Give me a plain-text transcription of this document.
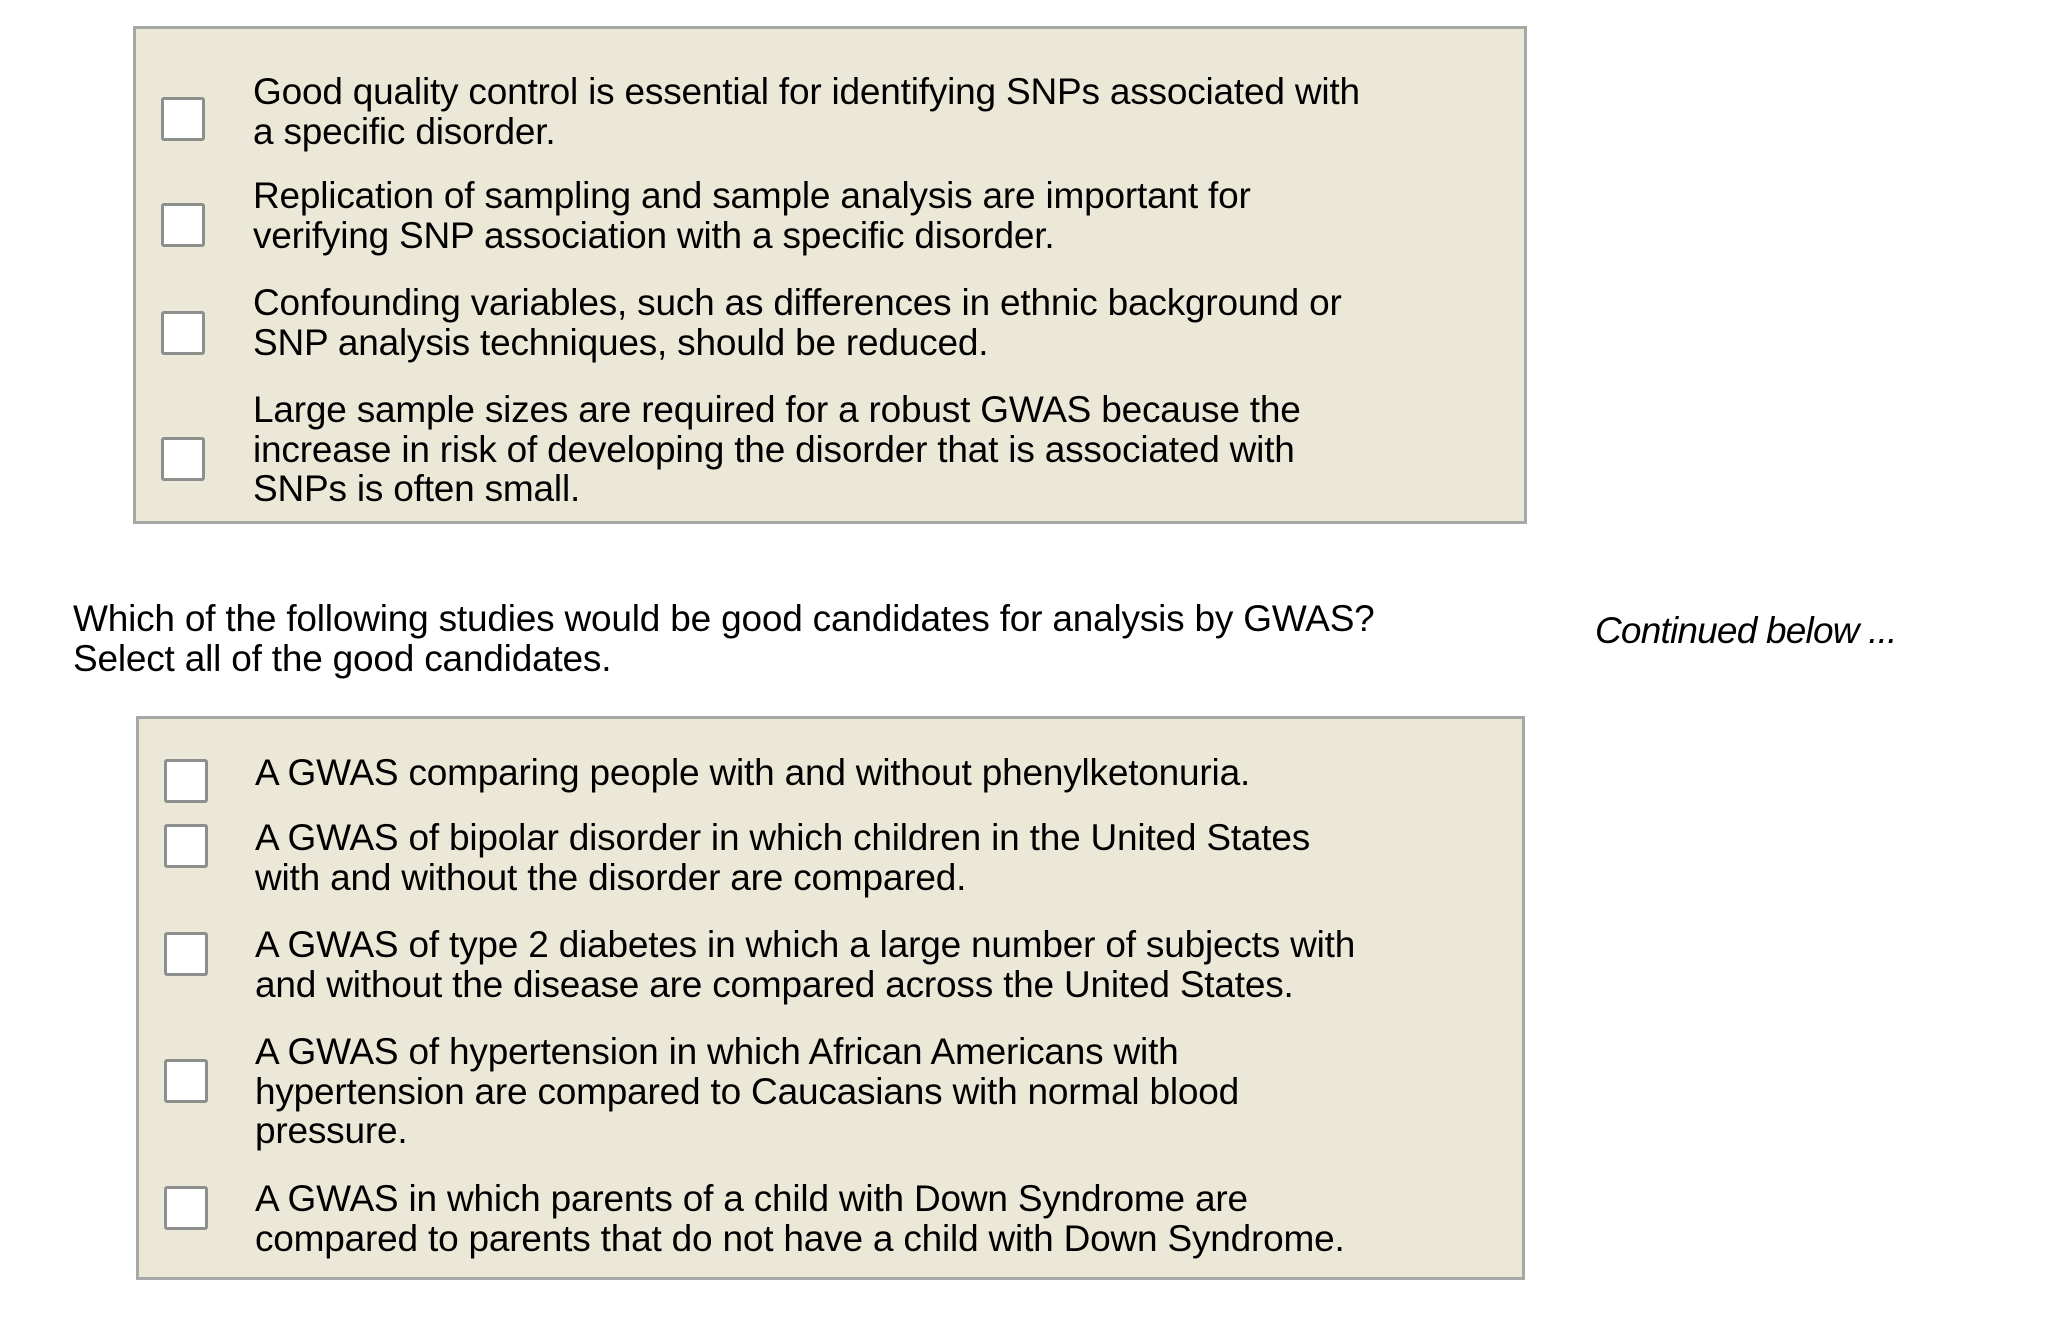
Good quality control is essential for identifying SNPs associated with
a specific disorder.
Replication of sampling and sample analysis are important for
verifying SNP association with a specific disorder.
Confounding variables, such as differences in ethnic background or
SNP analysis techniques, should be reduced.
Large sample sizes are required for a robust GWAS because the
increase in risk of developing the disorder that is associated with
SNPs is often small.
Which of the following studies would be good candidates for analysis by GWAS?
Select all of the good candidates.
Continued below ...
A GWAS comparing people with and without phenylketonuria.
A GWAS of bipolar disorder in which children in the United States
with and without the disorder are compared.
A GWAS of type 2 diabetes in which a large number of subjects with
and without the disease are compared across the United States.
A GWAS of hypertension in which African Americans with
hypertension are compared to Caucasians with normal blood
pressure.
A GWAS in which parents of a child with Down Syndrome are
compared to parents that do not have a child with Down Syndrome.
